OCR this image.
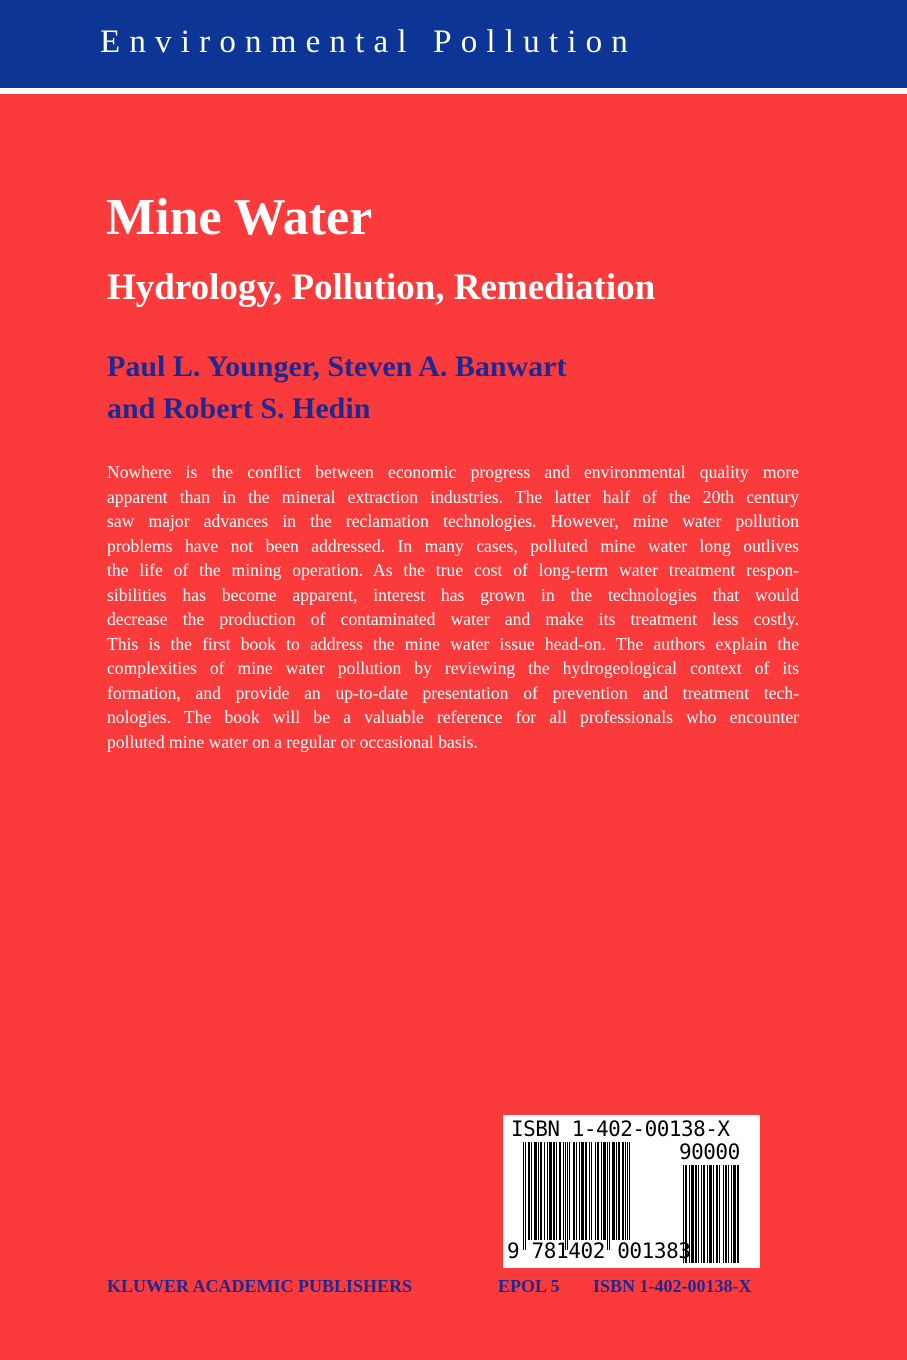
Environmental Pollution
Mine Water
Hydrology, Pollution, Remediation
Paul L. Younger, Steven A. Banwart
and Robert S. Hedin
Nowhere is the conflict between economic progress and environmental quality more
apparent than in the mineral extraction industries. The latter half of the 20th century
saw major advances in the reclamation technologies. However, mine water pollution
problems have not been addressed. In many cases, polluted mine water long outlives
the life of the mining operation. As the true cost of long-term water treatment respon-
sibilities has become apparent, interest has grown in the technologies that would
decrease the production of contaminated water and make its treatment less costly.
This is the first book to address the mine water issue head-on. The authors explain the
complexities of mine water pollution by reviewing the hydrogeological context of its
formation, and provide an up-to-date presentation of prevention and treatment tech-
nologies. The book will be a valuable reference for all professionals who encounter
polluted mine water on a regular or occasional basis.
ISBN 1-402-00138-X
90000
9 781402 001383
KLUWER ACADEMIC PUBLISHERS	EPOL 5 ISBN 1-402-00138-X
